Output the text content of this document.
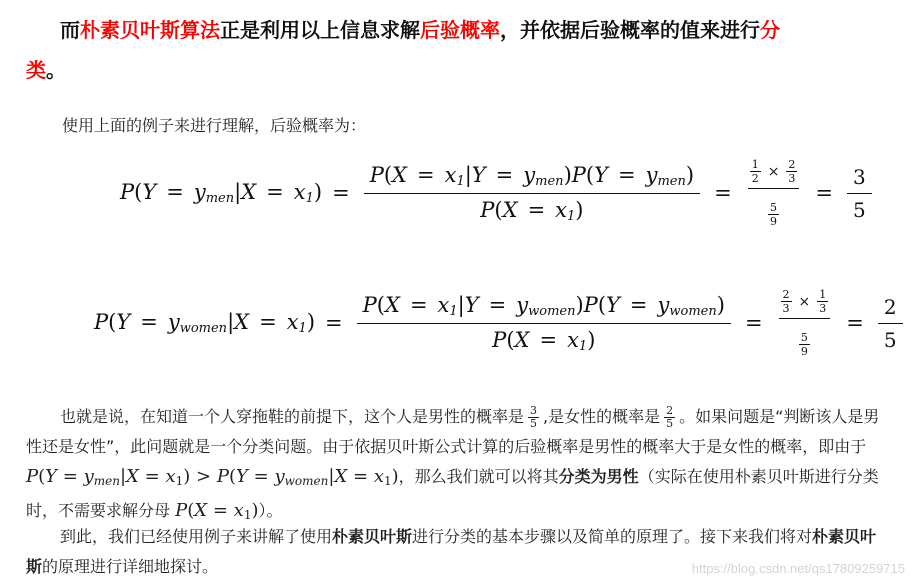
而朴素贝叶斯算法正是利用以上信息求解后验概率，并依据后验概率的值来进行分
类。
使用上面的例子来进行理解，后验概率为：
$P(Y = y_{men}|X = x_1) = \frac{P(X = x_1|Y = y_{men})P(Y = y_{men})}{P(X = x_1)} = \frac{\frac{1}{2} \times \frac{2}{3}}{\frac{5}{9}} = \frac{3}{5}$
$P(Y = y_{women}|X = x_1) = \frac{P(X = x_1|Y = y_{women})P(Y = y_{women})}{P(X = x_1)} = \frac{\frac{2}{3} \times \frac{1}{3}}{\frac{5}{9}} = \frac{2}{5}$
也就是说，在知道一个人穿拖鞋的前提下，这个人是男性的概率是 $\frac{3}{5}$ ,是女性的概率是 $\frac{2}{5}$ 。如果问题是“判断该人是男性还是女性”，此问题就是一个分类问题。由于依据贝叶斯公式计算的后验概率是男性的概率大于是女性的概率，即由于 $P(Y = y_{men}|X = x_1) > P(Y = y_{women}|X = x_1)$，那么我们就可以将其分类为男性（实际在使用朴素贝叶斯进行分类时，不需要求解分母 $P(X = x_1)$）。
到此，我们已经使用例子来讲解了使用朴素贝叶斯进行分类的基本步骤以及简单的原理了。接下来我们将对朴素贝叶斯的原理进行详细地探讨。	https://blog.csdn.net/qs17809259715
